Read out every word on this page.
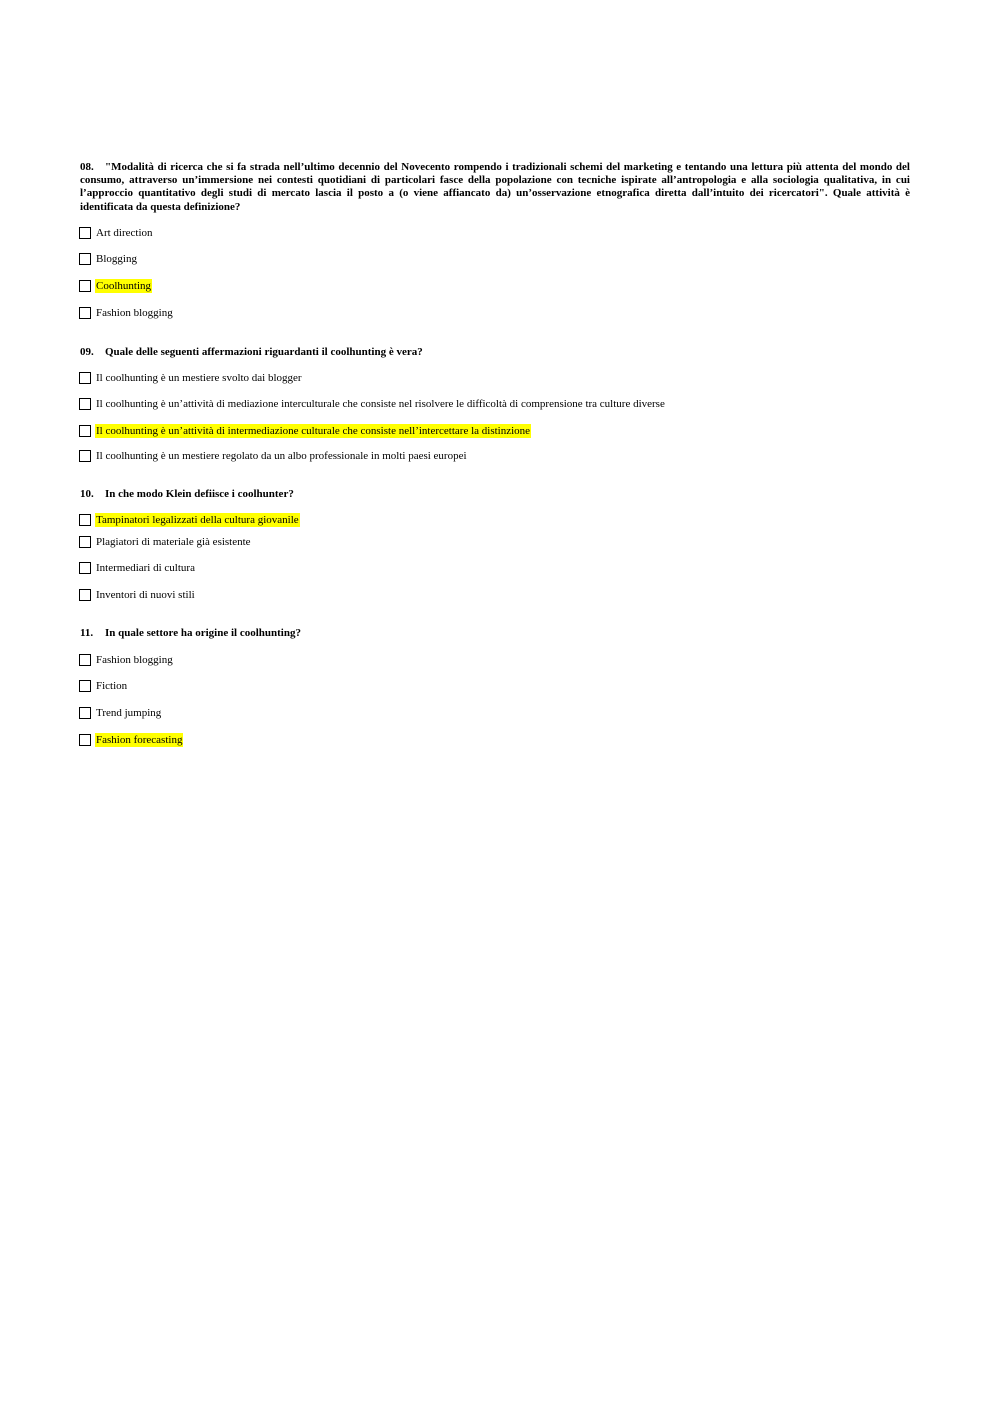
08. "Modalità di ricerca che si fa strada nell’ultimo decennio del Novecento rompendo i tradizionali schemi del marketing e tentando una lettura più attenta del mondo del consumo, attraverso un’immersione nei contesti quotidiani di particolari fasce della popolazione con tecniche ispirate all’antropologia e alla sociologia qualitativa, in cui l’approccio quantitativo degli studi di mercato lascia il posto a (o viene affiancato da) un’osservazione etnografica diretta dall’intuito dei ricercatori". Quale attività è identificata da questa definizione?
Art direction
Blogging
Coolhunting
Fashion blogging
09. Quale delle seguenti affermazioni riguardanti il coolhunting è vera?
Il coolhunting è un mestiere svolto dai blogger
Il coolhunting è un’attività di mediazione interculturale che consiste nel risolvere le difficoltà di comprensione tra culture diverse
Il coolhunting è un’attività di intermediazione culturale che consiste nell’intercettare la distinzione
Il coolhunting è un mestiere regolato da un albo professionale in molti paesi europei
10. In che modo Klein defiisce i coolhunter?
Tampinatori legalizzati della cultura giovanile
Plagiatori di materiale già esistente
Intermediari di cultura
Inventori di nuovi stili
11. In quale settore ha origine il coolhunting?
Fashion blogging
Fiction
Trend jumping
Fashion forecasting
